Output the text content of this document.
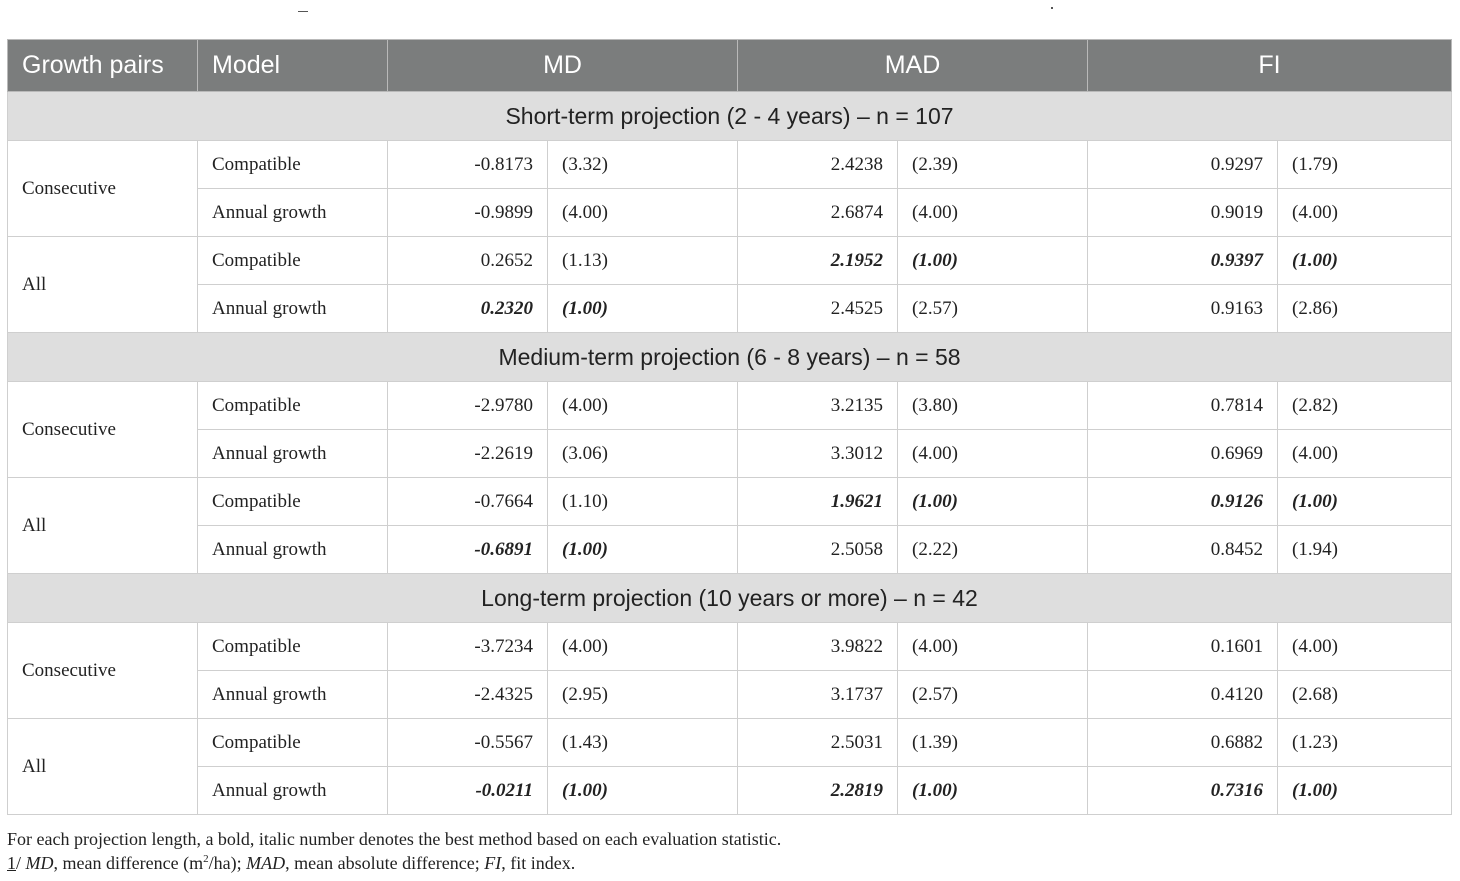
Growth pairs	Model	MD		MAD		FI	
Short-term projection (2 - 4 years) – n = 107							
Consecutive	Compatible	-0.8173	(3.32)	2.4238	(2.39)	0.9297	(1.79)
	Annual growth	-0.9899	(4.00)	2.6874	(4.00)	0.9019	(4.00)
All	Compatible	0.2652	(1.13)	2.1952	(1.00)	0.9397	(1.00)
	Annual growth	0.2320	(1.00)	2.4525	(2.57)	0.9163	(2.86)
Medium-term projection (6 - 8 years) – n = 58							
Consecutive	Compatible	-2.9780	(4.00)	3.2135	(3.80)	0.7814	(2.82)
	Annual growth	-2.2619	(3.06)	3.3012	(4.00)	0.6969	(4.00)
All	Compatible	-0.7664	(1.10)	1.9621	(1.00)	0.9126	(1.00)
	Annual growth	-0.6891	(1.00)	2.5058	(2.22)	0.8452	(1.94)
Long-term projection (10 years or more) – n = 42							
Consecutive	Compatible	-3.7234	(4.00)	3.9822	(4.00)	0.1601	(4.00)
	Annual growth	-2.4325	(2.95)	3.1737	(2.57)	0.4120	(2.68)
All	Compatible	-0.5567	(1.43)	2.5031	(1.39)	0.6882	(1.23)
	Annual growth	-0.0211	(1.00)	2.2819	(1.00)	0.7316	(1.00)
For each projection length, a bold, italic number denotes the best method based on each evaluation statistic.
1/ MD, mean difference $(m^2/ha)$; MAD, mean absolute difference; FI, fit index.
